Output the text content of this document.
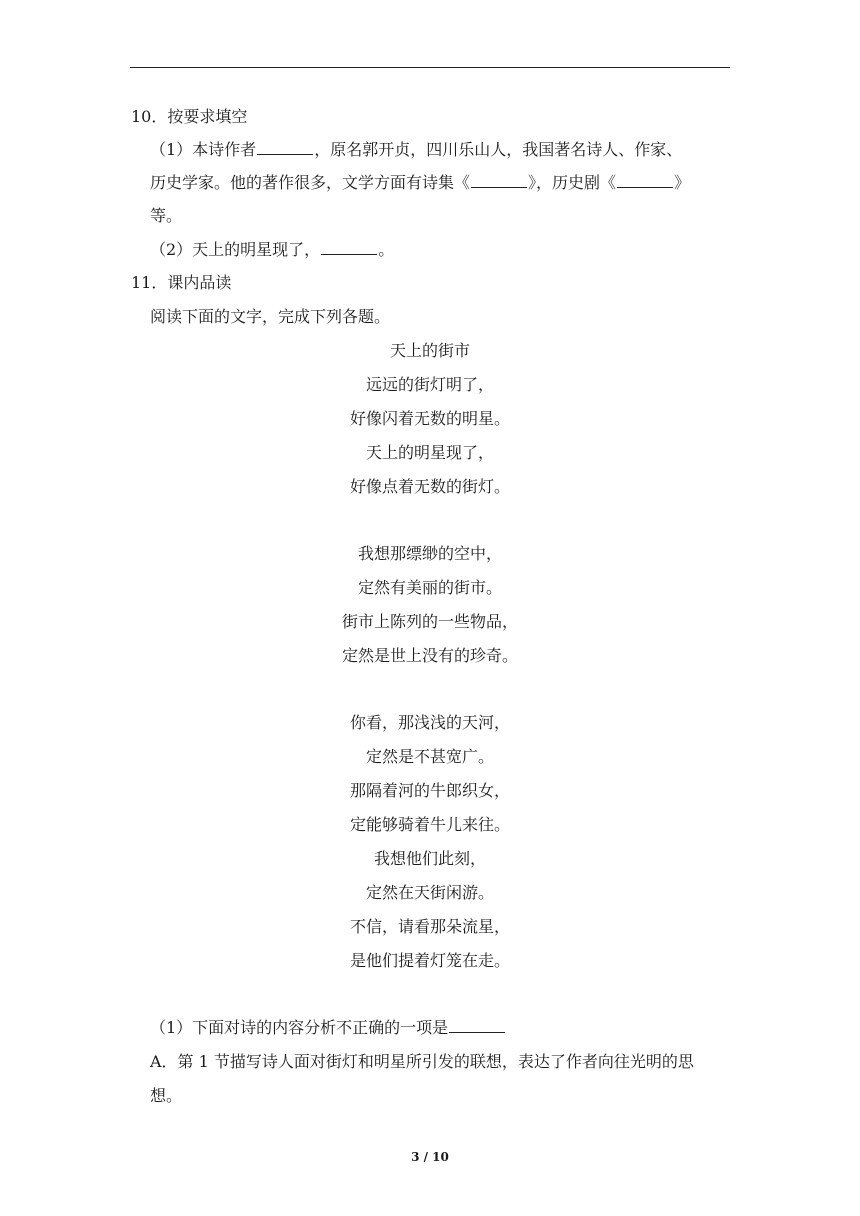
10．按要求填空
（1）本诗作者	，原名郭开贞，四川乐山人，我国著名诗人、作家、
历史学家。他的著作很多，文学方面有诗集《	》，历史剧《	》
等。
（2）天上的明星现了，	。
11．课内品读
阅读下面的文字，完成下列各题。
天上的街市
远远的街灯明了，
好像闪着无数的明星。
天上的明星现了，
好像点着无数的街灯。
我想那缥缈的空中，
定然有美丽的街市。
街市上陈列的一些物品，
定然是世上没有的珍奇。
你看，那浅浅的天河，
定然是不甚宽广。
那隔着河的牛郎织女，
定能够骑着牛儿来往。
我想他们此刻，
定然在天街闲游。
不信，请看那朵流星，
是他们提着灯笼在走。
（1）下面对诗的内容分析不正确的一项是
A．第 1 节描写诗人面对街灯和明星所引发的联想，表达了作者向往光明的思
想。
3 / 10
